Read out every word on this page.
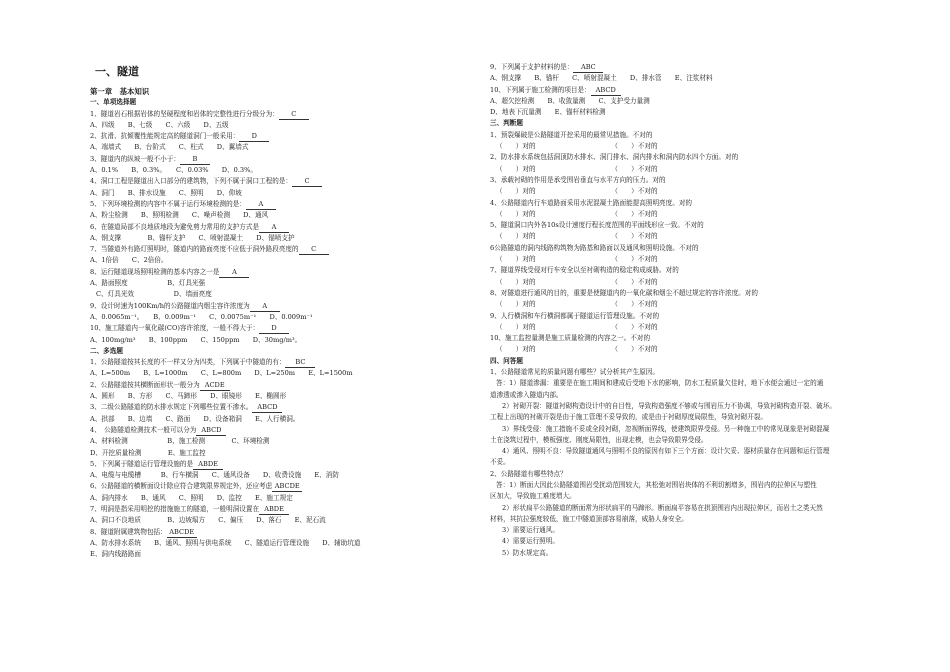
一、隧道
第一章　基本知识
一、单项选择题
1、隧道岩石根据岩体的坚硬程度和岩体的完整性进行分级分为： C
A、四级　　B、七级　　C、六级　　D、五级
2、抗滑、抗倾覆性能规定高的隧道洞门一般采用： D
A、端墙式　　B、台阶式　　C、柱式　　D、翼墙式
3、隧道内的纵坡一般不小于： B
A、0.1%　　B、0.3%。　　C、0.03%　　D、0.3%。
4、洞口工程是隧道出入口部分的建筑物，下列不属于洞口工程的是： C
A、洞门　　B、排水设施　　C、照明　　D、仰坡
5、下列环境检测的内容中不属于运行环境检测的是： A
A、粉尘检测　　B、照明检测　　C、噪声检测　　D、通风
6、在隧道局部不良地质地段为避免剪力常用的支护方式是 A
A、钢支撑　　　　B、锚杆支护　　C、喷射混凝土　　D、锚喷支护
7、当隧道外有路灯照明时，隧道内的路面亮度不应低于洞外路段亮度的 C
A、1倍倍　　C、2倍倍。
8、运行隧道现场照明检测的基本内容之一是 A
A、路面照度　　　　　　B、灯具光强
C、灯具光效　　　　　　D、墙面亮度
9、设计时速为100Km/h的公路隧道内烟尘容许浓度为 A
A、0.0065m⁻¹。　　B、0.009m⁻¹　　C、0.0075m⁻¹　　D、0.009m⁻¹
10、施工隧道内一氧化碳(CO)容许浓度，一般不得大于： D
A、100mg/m³　　B、100ppm　　C、150ppm　　D、30mg/m³。
二、多选题
1、公路隧道按其长度的不一样又分为四类，下列属于中隧道的有： BC
A、L=500m　　B、L=1000m　　C、L=800m　　D、L=250m　　E、L=1500m
2、公路隧道按其横断面形状一般分为 ACDE
A、圆形　　B、方形　　C、马蹄形　　D、眼镜形　　E、椭圆形
3、二级公路隧道的防水排水规定下列哪些位置不渗水。 ABCD
A、拱部　　B、边墙　　C、路面　　D、设备箱洞　　E、人行横洞。
4、　公路隧道检测技术一般可以分为 ABCD
A、材料检测　　　　　　B、施工检测　　　　C、环境检测
D、开挖质量检测　　　　E、施工监控
5、下列属于隧道运行管理设施的是 ABDE
A、电缆与电缆槽　　　B、行车横洞　　C、通风设备　　D、收费设施　　E、消防
6、公路隧道的横断面设计除应符合建筑限界规定外，还应考虑 ABCDE
A、洞内排水　　B、通风　　C、照明　　D、监控　　E、施工规定
7、明洞是指采用明挖的措施施工的隧道，一般明洞设置在 ABDE
A、洞口不良地质　　　　B、边坡塌方　　C、偏压　　D、落石　　E、泥石流
8、隧道附属建筑物包括： ABCDE
A、防水排水系统　　B、通风、照明与供电系统　　C、隧道运行管理设施　　D、辅助坑道
E、洞内线路路面
9、下列属于支护材料的是： ABC
A、钢支撑　　B、锚杆　　C、喷射混凝土　　D、排水管　　E、注浆材料
10、下列属于施工检测的项目是： ABCD
A、超欠挖检测　　B、收敛量测　　C、支护受力量测
D、地表下沉量测　　E、锚杆材料检测
三、判断题
1、预裂爆破是公路隧道开挖采用的最常见措施。不对的
（　　）对的　　　　　　　　　　　　（　　）不对的
2、防水排水系统包括洞顶防水排水、洞门排水、洞内排水和洞内防水四个方面。对的
（　　）对的　　　　　　　　　　　　（　　）不对的
3、承载衬砌的作用是承受围岩垂直与水平方向的压力。对的
（　　）对的　　　　　　　　　　　　（　　）不对的
4、公路隧道内行车道路面采用水泥混凝土路面能提高照明亮度。对的
（　　）对的　　　　　　　　　　　　（　　）不对的
5、隧道洞口内外各10s设计速度行程长度范围的平面线形应一致。不对的
（　　）对的　　　　　　　　　　　　（　　）不对的
6公路隧道的洞内线路构筑物为路基和路面以及通风和照明设施。不对的
（　　）对的　　　　　　　　　　　　（　　）不对的
7、隧道界线受侵对行车安全以至衬砌构造的稳定构成威胁。对的
（　　）对的　　　　　　　　　　　　（　　）不对的
8、对隧道进行通风的目的，重要是使隧道内的一氧化碳和烟尘不超过规定的容许浓度。对的
（　　）对的　　　　　　　　　　　　（　　）不对的
9、人行横洞和车行横洞都属于隧道运行管理设施。不对的
（　　）对的　　　　　　　　　　　　（　　）不对的
10、施工监控量测是施工质量检测的内容之一。不对的
（　　）对的　　　　　　　　　　　　（　　）不对的
四、问答题
1、公路隧道常见的质量问题有哪些？试分析其产生原因。
答：1）隧道渗漏：重要是在施工期间和建成后受地下水的影响，防水工程质量欠佳时，地下水便会通过一定的通
道渗透或渗入隧道内部。
2）衬砌开裂：隧道衬砌构造设计中的自目性，导致构造强度不够或与围岩压力不协调，导致衬砌构造开裂、破坏。
工程上出现的衬砌开裂是由于施工管理不妥导致的，或是由于衬砌厚度局限性，导致衬砌开裂。
3）界线受侵：施工措施不妥或全段衬砌，忽视断面界线，使建筑限界受侵。另一种施工中的常见现象是衬砌混凝
土在浇筑过程中，模板强度、刚度局限性，出现走模，也会导致限界受侵。
4）通风、照明不良：导致隧道通风与照明不良的原因有如下三个方面：设计欠妥、器材质量存在问题和运行管理
不妥。
2、公路隧道有哪些特点？
答：1）断面大因此公路隧道围岩受扰动范围较大，其松弛对围岩块体的不利切割增多，围岩内的拉伸区与塑性
区加大，导致施工难度增大。
2）形状扁平公路隧道的断面常为形状扁平的马蹄形。断面扁平容易在拱顶围岩内出现拉伸区，而岩土之类天然
材料，其抗拉强度较低，施工中隧道顶部容易崩落，威胁人身安全。
3）需要运行通风。
4）需要运行照明。
5）防水规定高。
